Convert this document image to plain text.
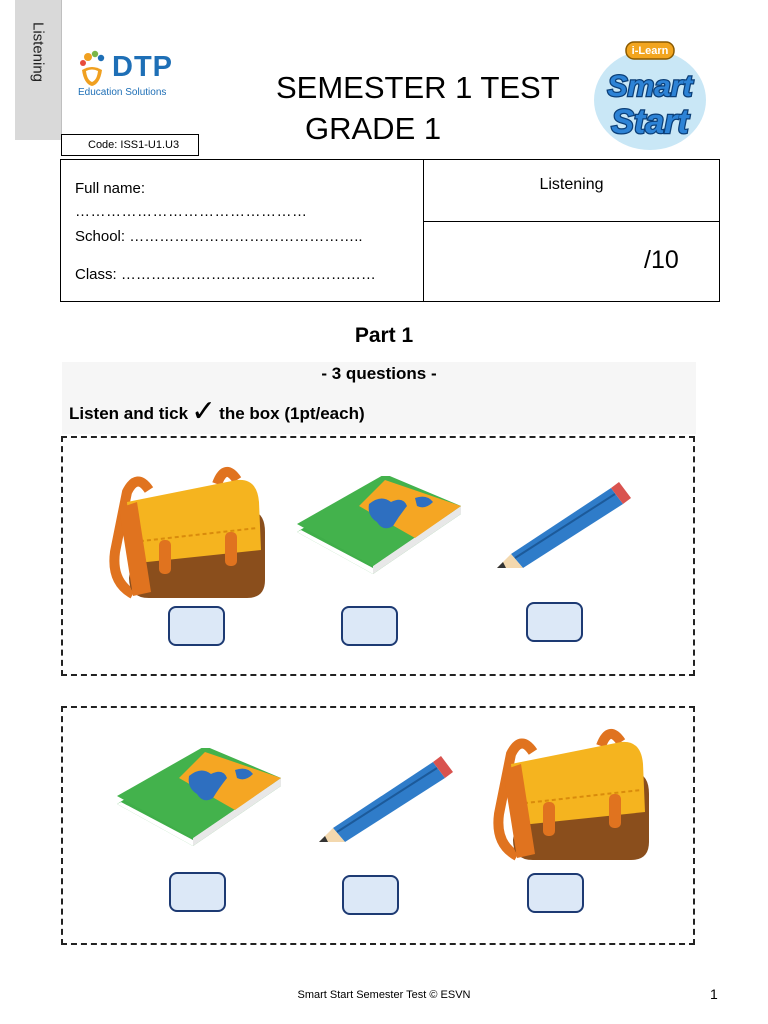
Listening DTP
Education Solutions	SEMESTER 1 TEST
GRADE 1
i-Learn
Smart
Start
Code: ISS1-U1.U3
Full name:
………………………………………
School: ………………………………………..
Class: ……………………………………………
Listening
/10
Part 1
- 3 questions -
Listen and tick ✓ the box (1pt/each)
Smart Start Semester Test © ESVN	1
